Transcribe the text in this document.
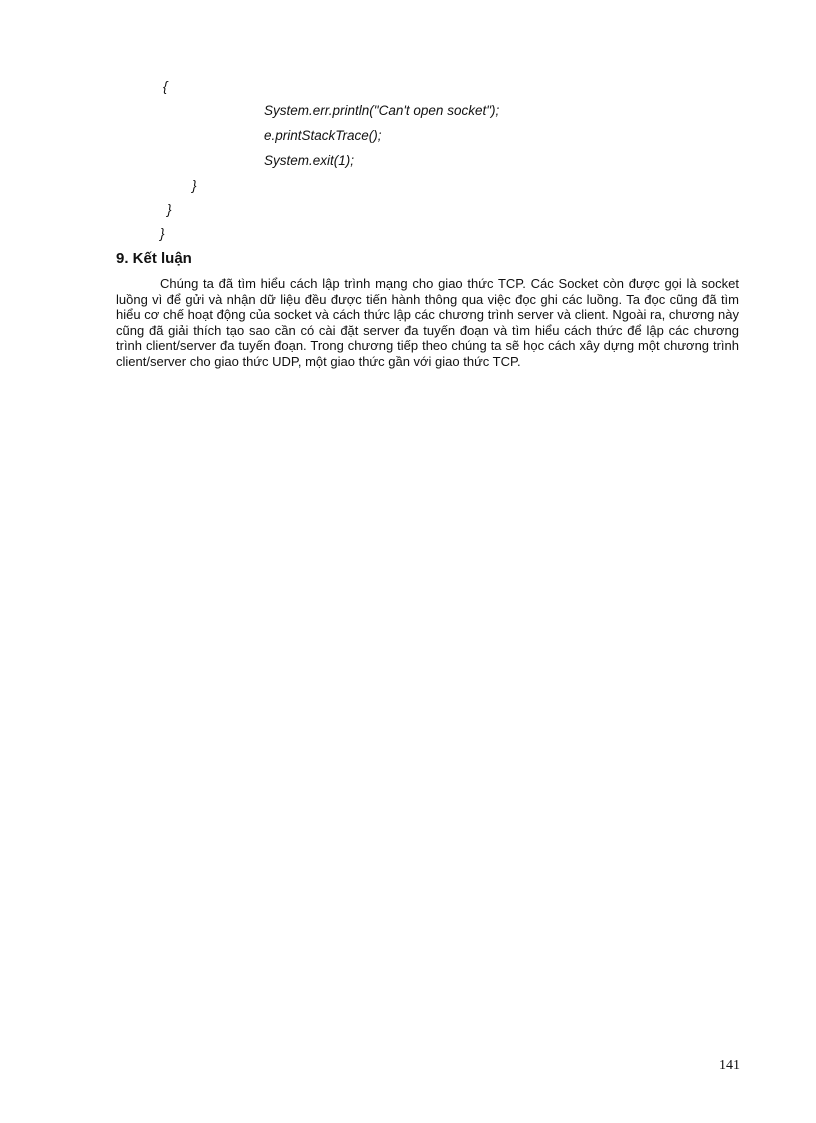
{
System.err.println("Can't open socket");
e.printStackTrace();
System.exit(1);
}
}
}
9. Kết luận

Chúng ta đã tìm hiểu cách lập trình mạng cho giao thức TCP. Các Socket còn được gọi là socket luồng vì để gửi và nhận dữ liệu đều được tiến hành thông qua việc đọc ghi các luồng. Ta đọc cũng đã tìm hiểu cơ chế hoạt động của socket và cách thức lập các chương trình server và client. Ngoài ra, chương này cũng đã giải thích tạo sao cần có cài đặt server đa tuyến đoạn và tìm hiểu cách thức để lập các chương trình client/server đa tuyến đoạn. Trong chương tiếp theo chúng ta sẽ học cách xây dựng một chương trình client/server cho giao thức UDP, một giao thức gần với giao thức TCP.

141
